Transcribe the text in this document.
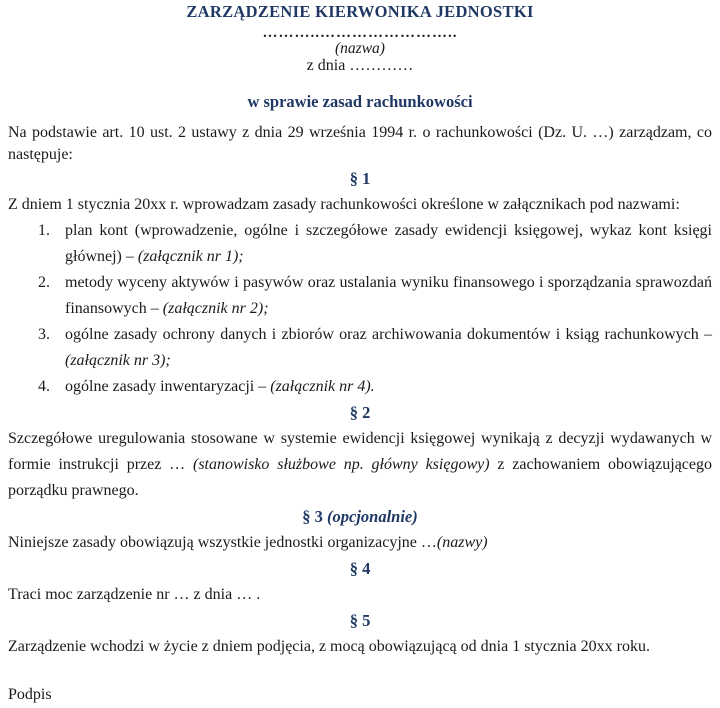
ZARZĄDZENIE KIERWONIKA JEDNOSTKI
………..……………………..
(nazwa)
z dnia …………
w sprawie zasad rachunkowości

Na podstawie art. 10 ust. 2 ustawy z dnia 29 września 1994 r. o rachunkowości (Dz. U. …) zarządzam, co następuje:

§ 1

Z dniem 1 stycznia 20xx r. wprowadzam zasady rachunkowości określone w załącznikach pod nazwami:

1. plan kont (wprowadzenie, ogólne i szczegółowe zasady ewidencji księgowej, wykaz kont księgi głównej) – (załącznik nr 1);
2. metody wyceny aktywów i pasywów oraz ustalania wyniku finansowego i sporządzania sprawozdań finansowych – (załącznik nr 2);
3. ogólne zasady ochrony danych i zbiorów oraz archiwowania dokumentów i ksiąg rachunkowych – (załącznik nr 3);
4. ogólne zasady inwentaryzacji – (załącznik nr 4).
§ 2

Szczegółowe uregulowania stosowane w systemie ewidencji księgowej wynikają z decyzji wydawanych w formie instrukcji przez … (stanowisko służbowe np. główny księgowy) z zachowaniem obowiązującego porządku prawnego.

§ 3 (opcjonalnie)

Niniejsze zasady obowiązują wszystkie jednostki organizacyjne …(nazwy)

§ 4

Traci moc zarządzenie nr … z dnia … .

§ 5

Zarządzenie wchodzi w życie z dniem podjęcia, z mocą obowiązującą od dnia 1 stycznia 20xx roku.

Podpis
